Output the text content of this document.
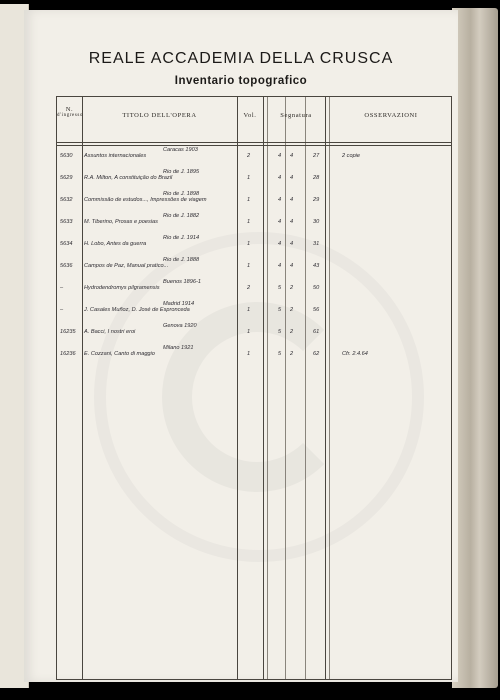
REALE ACCADEMIA DELLA CRUSCA
Inventario topografico
N.
d'ingresso	TITOLO DELL'OPERA	Vol.	Segnatura	OSSERVAZIONI
5630 Assuntos internacionales
Caracas 1903
2	4 4	27	2 copie
5629 R.A. Milton, A constituição do Brazil
Rio de J. 1895
1	4 4	28
5632 Commissão de estudos..., Impressões de viagem
Rio de J. 1898
1	4 4	29
5633 M. Tiberino, Prosas e poesias
Rio de J. 1882
1	4 4	30
5634 H. Lobo, Antes da guerra
Rio de J. 1914
1	4 4	31
5636 Campos de Paz, Manual pratico...
Rio de J. 1888
1	4 4	43
–	Hydrodendromys pilgramensis
Buenos 1896-1
2	5 2	50
–	J. Casales Muñoz, D. José de Espronceda
Madrid 1914
1	5 2	56
16235 A. Bacci, I nostri eroi
Genova 1920
1	5 2	61
16236 E. Cozzani, Canto di maggio
Milano 1921
1	5 2	62	Cfr. 2.4.64
